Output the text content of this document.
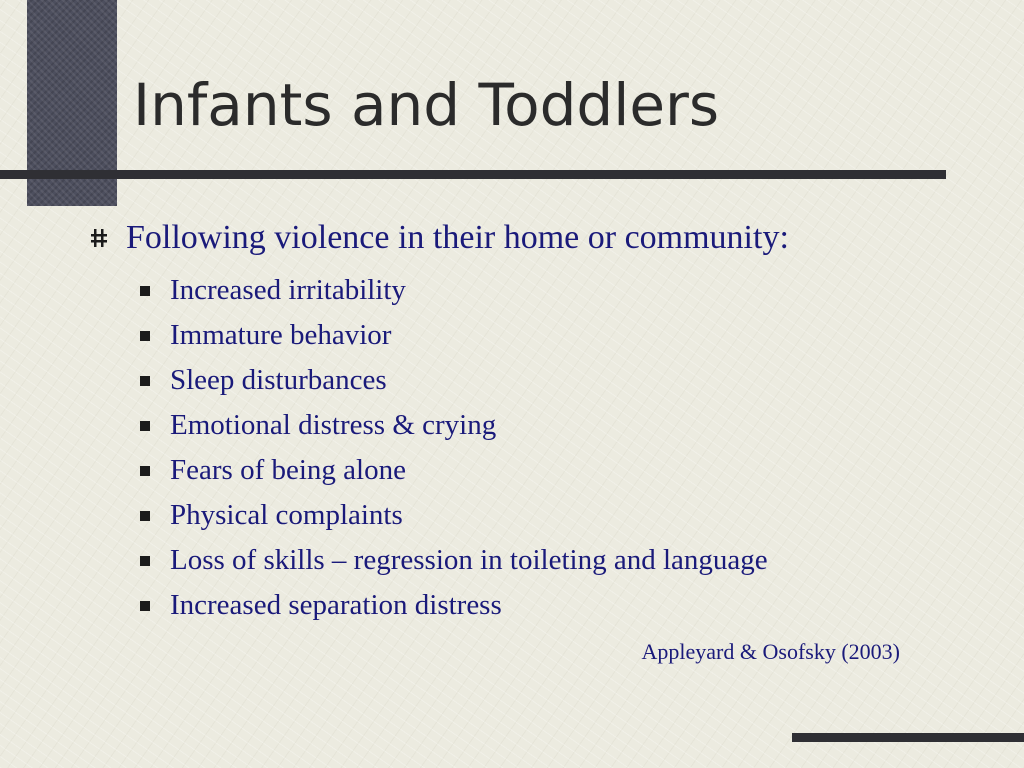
Infants and Toddlers
Following violence in their home or community:
Increased irritability
Immature behavior
Sleep disturbances
Emotional distress & crying
Fears of being alone
Physical complaints
Loss of skills – regression in toileting and language
Increased separation distress
Appleyard & Osofsky (2003)
